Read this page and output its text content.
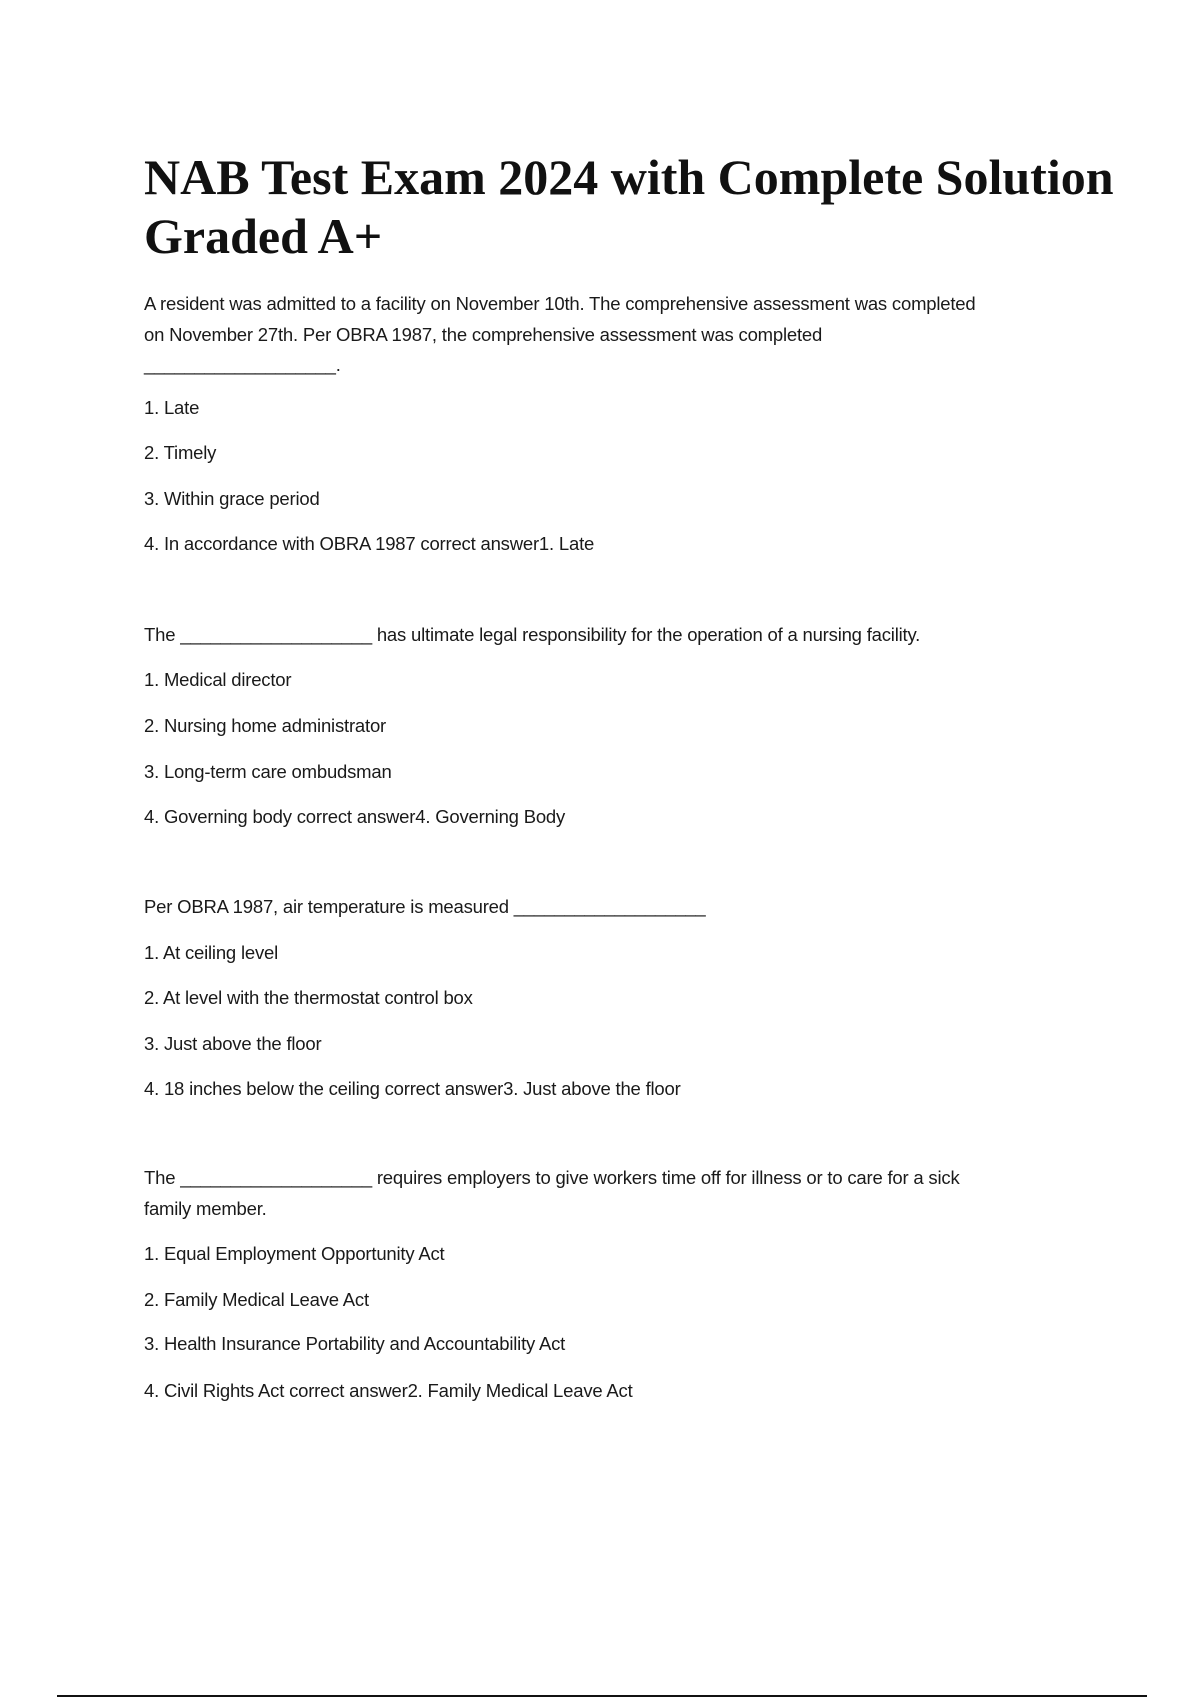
NAB Test Exam 2024 with Complete Solution
Graded A+
A resident was admitted to a facility on November 10th. The comprehensive assessment was completed
on November 27th. Per OBRA 1987, the comprehensive assessment was completed
___________________.
1. Late
2. Timely
3. Within grace period
4. In accordance with OBRA 1987 correct answer1. Late
The ___________________ has ultimate legal responsibility for the operation of a nursing facility.
1. Medical director
2. Nursing home administrator
3. Long-term care ombudsman
4. Governing body correct answer4. Governing Body
Per OBRA 1987, air temperature is measured ___________________
1. At ceiling level
2. At level with the thermostat control box
3. Just above the floor
4. 18 inches below the ceiling correct answer3. Just above the floor
The ___________________ requires employers to give workers time off for illness or to care for a sick
family member.
1. Equal Employment Opportunity Act
2. Family Medical Leave Act
3. Health Insurance Portability and Accountability Act
4. Civil Rights Act correct answer2. Family Medical Leave Act
